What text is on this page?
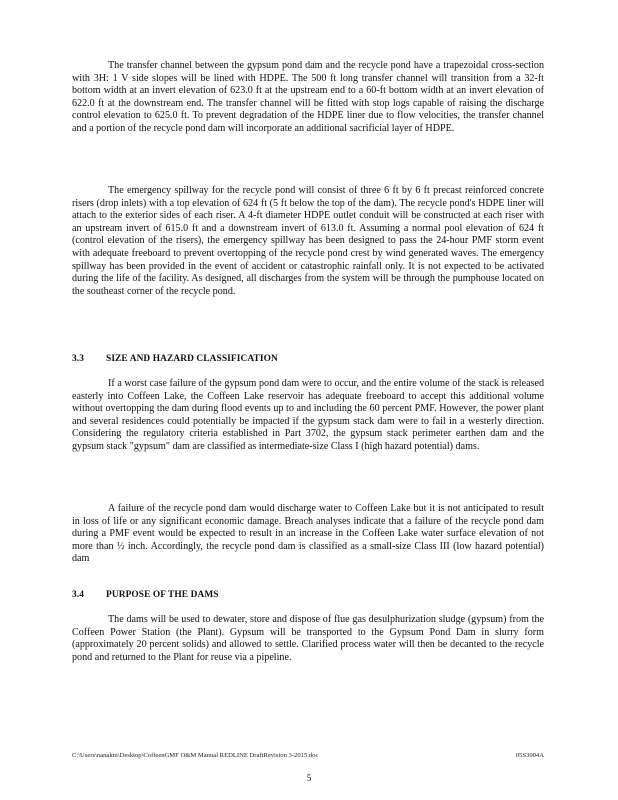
The transfer channel between the gypsum pond dam and the recycle pond have a trapezoidal cross-section with 3H: 1 V side slopes will be lined with HDPE. The 500 ft long transfer channel will transition from a 32-ft bottom width at an invert elevation of 623.0 ft at the upstream end to a 60-ft bottom width at an invert elevation of 622.0 ft at the downstream end. The transfer channel will be fitted with stop logs capable of raising the discharge control elevation to 625.0 ft. To prevent degradation of the HDPE liner due to flow velocities, the transfer channel and a portion of the recycle pond dam will incorporate an additional sacrificial layer of HDPE.

The emergency spillway for the recycle pond will consist of three 6 ft by 6 ft precast reinforced concrete risers (drop inlets) with a top elevation of 624 ft (5 ft below the top of the dam). The recycle pond's HDPE liner will attach to the exterior sides of each riser. A 4-ft diameter HDPE outlet conduit will be constructed at each riser with an upstream invert of 615.0 ft and a downstream invert of 613.0 ft. Assuming a normal pool elevation of 624 ft (control elevation of the risers), the emergency spillway has been designed to pass the 24-hour PMF storm event with adequate freeboard to prevent overtopping of the recycle pond crest by wind generated waves. The emergency spillway has been provided in the event of accident or catastrophic rainfall only. It is not expected to be activated during the life of the facility. As designed, all discharges from the system will be through the pumphouse located on the southeast corner of the recycle pond.

3.3 SIZE AND HAZARD CLASSIFICATION

If a worst case failure of the gypsum pond dam were to occur, and the entire volume of the stack is released easterly into Coffeen Lake, the Coffeen Lake reservoir has adequate freeboard to accept this additional volume without overtopping the dam during flood events up to and including the 60 percent PMF. However, the power plant and several residences could potentially be impacted if the gypsum stack dam were to fail in a westerly direction. Considering the regulatory criteria established in Part 3702, the gypsum stack perimeter earthen dam and the gypsum stack "gypsum" dam are classified as intermediate-size Class I (high hazard potential) dams.

A failure of the recycle pond dam would discharge water to Coffeen Lake but it is not anticipated to result in loss of life or any significant economic damage. Breach analyses indicate that a failure of the recycle pond dam during a PMF event would be expected to result in an increase in the Coffeen Lake water surface elevation of not more than ½ inch. Accordingly, the recycle pond dam is classified as a small-size Class III (low hazard potential) dam

3.4 PURPOSE OF THE DAMS

The dams will be used to dewater, store and dispose of flue gas desulphurization sludge (gypsum) from the Coffeen Power Station (the Plant). Gypsum will be transported to the Gypsum Pond Dam in slurry form (approximately 20 percent solids) and allowed to settle. Clarified process water will then be decanted to the recycle pond and returned to the Plant for reuse via a pipeline.

C:\Users\nanakm\Desktop\CoffeenGMF O&M Manual REDLINE DraftRevision 3-2015.doc	05S3004A
5
